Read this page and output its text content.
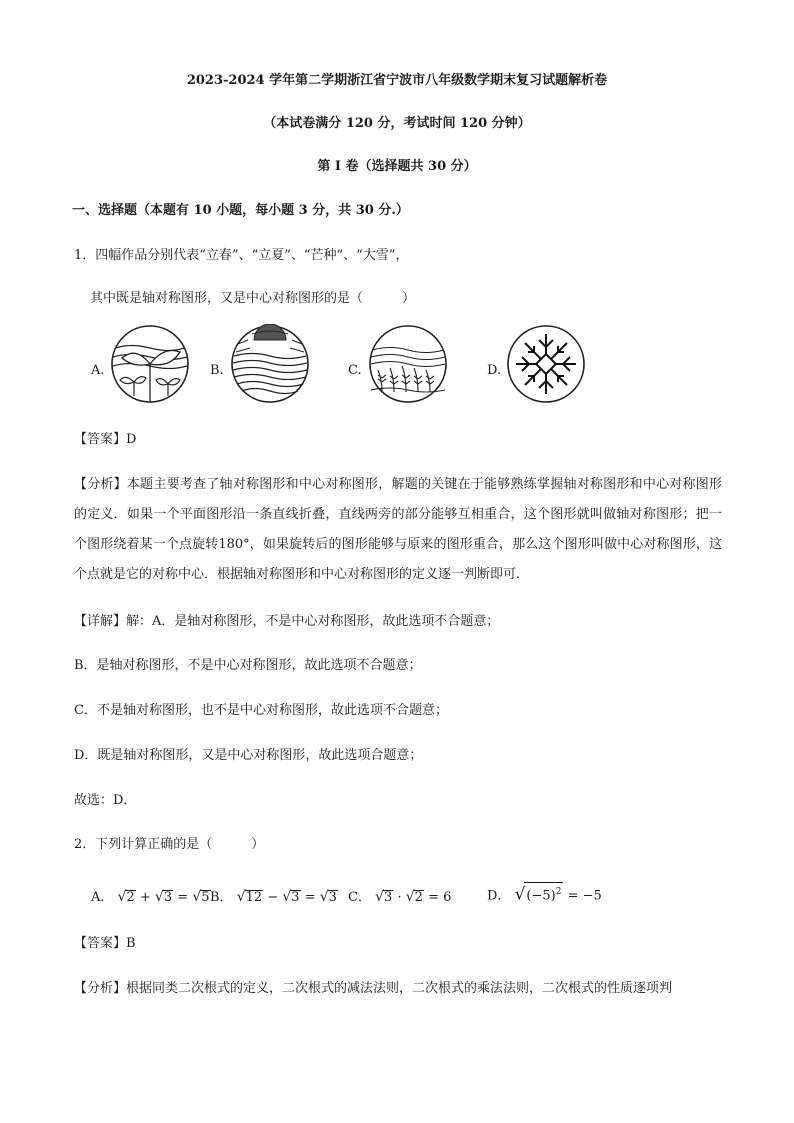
2023-2024 学年第二学期浙江省宁波市八年级数学期末复习试题解析卷
（本试卷满分 120 分，考试时间 120 分钟）
第 I 卷（选择题共 30 分）
一、选择题（本题有 10 小题，每小题 3 分，共 30 分.）
1．四幅作品分别代表“立春”、“立夏”、“芒种”、“大雪”，
其中既是轴对称图形，又是中心对称图形的是（　　　）
A.	B.	C.	D.
【答案】D
【分析】本题主要考查了轴对称图形和中心对称图形，解题的关键在于能够熟练掌握轴对称图形和中心对称图形的定义．如果一个平面图形沿一条直线折叠，直线两旁的部分能够互相重合，这个图形就叫做轴对称图形；把一个图形绕着某一个点旋转180°，如果旋转后的图形能够与原来的图形重合，那么这个图形叫做中心对称图形，这个点就是它的对称中心．根据轴对称图形和中心对称图形的定义逐一判断即可．
【详解】解：A．是轴对称图形，不是中心对称图形，故此选项不合题意；
B．是轴对称图形，不是中心对称图形，故此选项不合题意；
C．不是轴对称图形，也不是中心对称图形，故此选项不合题意；
D．既是轴对称图形，又是中心对称图形，故此选项合题意；
故选：D．
2．下列计算正确的是（　　　）
A． √2 + √3 = √5 B． √12 − √3 = √3 C． √3 · √2 = 6	D． $√(-5)^2 = -5$
【答案】B
【分析】根据同类二次根式的定义，二次根式的减法法则，二次根式的乘法法则，二次根式的性质逐项判
